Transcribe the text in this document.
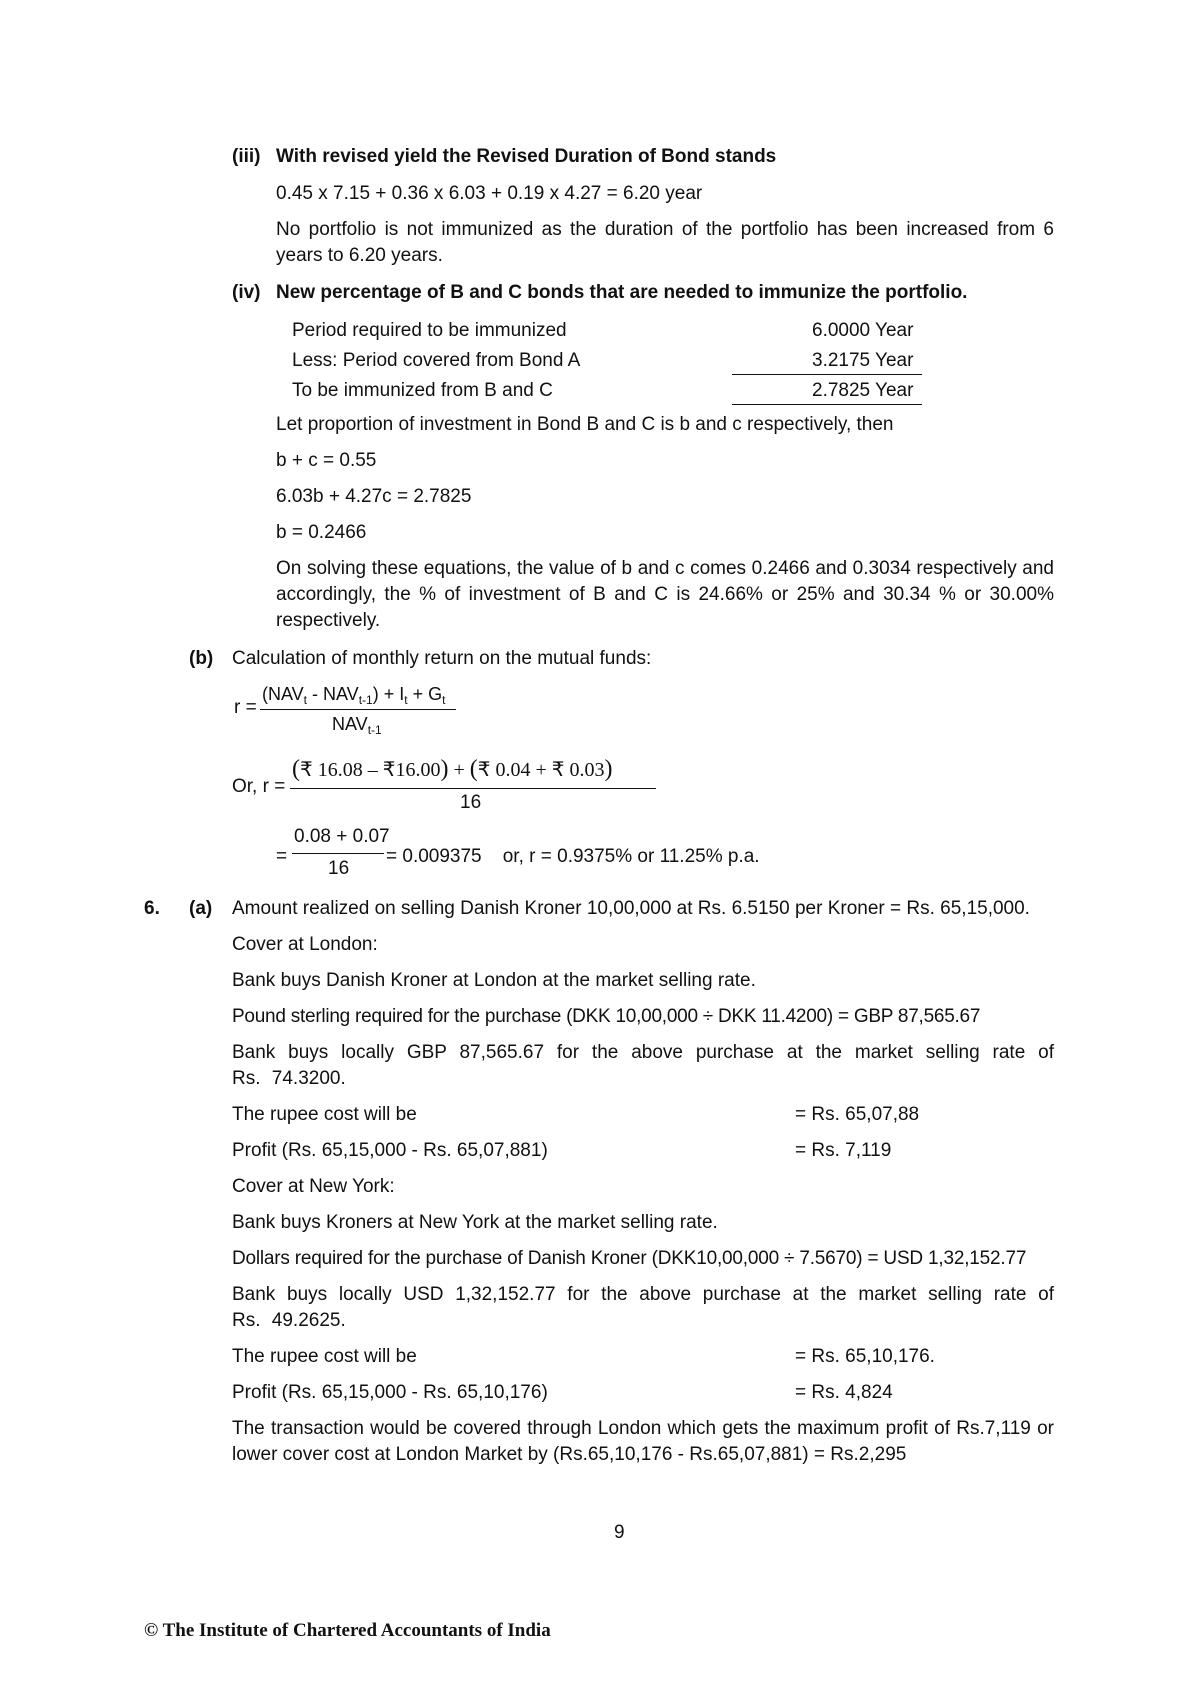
(iii) With revised yield the Revised Duration of Bond stands
0.45 x 7.15 + 0.36 x 6.03 + 0.19 x 4.27 = 6.20 year
No portfolio is not immunized as the duration of the portfolio has been increased from 6 years to 6.20 years.
(iv) New percentage of B and C bonds that are needed to immunize the portfolio.
Period required to be immunized	6.0000 Year
Less: Period covered from Bond A	3.2175 Year
To be immunized from B and C	2.7825 Year
Let proportion of investment in Bond B and C is b and c respectively, then
b + c = 0.55
6.03b + 4.27c = 2.7825
b = 0.2466
On solving these equations, the value of b and c comes 0.2466 and 0.3034 respectively and accordingly, the % of investment of B and C is 24.66% or 25% and 30.34 % or 30.00% respectively.
(b) Calculation of monthly return on the mutual funds:
r =
$(NAV_t - NAV_{t-1}) + I_t + G_t$
$NAV_{t-1}$
Or, r =
(₹ 16.08 – ₹16.00) + (₹ 0.04 + ₹ 0.03)
16
=
0.08 + 0.07
16
= 0.009375    or, r = 0.9375% or 11.25% p.a.
6. (a) Amount realized on selling Danish Kroner 10,00,000 at Rs. 6.5150 per Kroner = Rs. 65,15,000.
Cover at London:
Bank buys Danish Kroner at London at the market selling rate.
Pound sterling required for the purchase (DKK 10,00,000 ÷ DKK 11.4200) = GBP 87,565.67
Bank buys locally GBP 87,565.67 for the above purchase at the market selling rate of Rs. 74.3200.
The rupee cost will be	= Rs. 65,07,88
Profit (Rs. 65,15,000 - Rs. 65,07,881)	= Rs. 7,119
Cover at New York:
Bank buys Kroners at New York at the market selling rate.
Dollars required for the purchase of Danish Kroner (DKK10,00,000 ÷ 7.5670) = USD 1,32,152.77
Bank buys locally USD 1,32,152.77 for the above purchase at the market selling rate of Rs. 49.2625.
The rupee cost will be	= Rs. 65,10,176.
Profit (Rs. 65,15,000 - Rs. 65,10,176)	= Rs. 4,824
The transaction would be covered through London which gets the maximum profit of Rs.7,119 or lower cover cost at London Market by (Rs.65,10,176 - Rs.65,07,881) = Rs.2,295
9
© The Institute of Chartered Accountants of India
